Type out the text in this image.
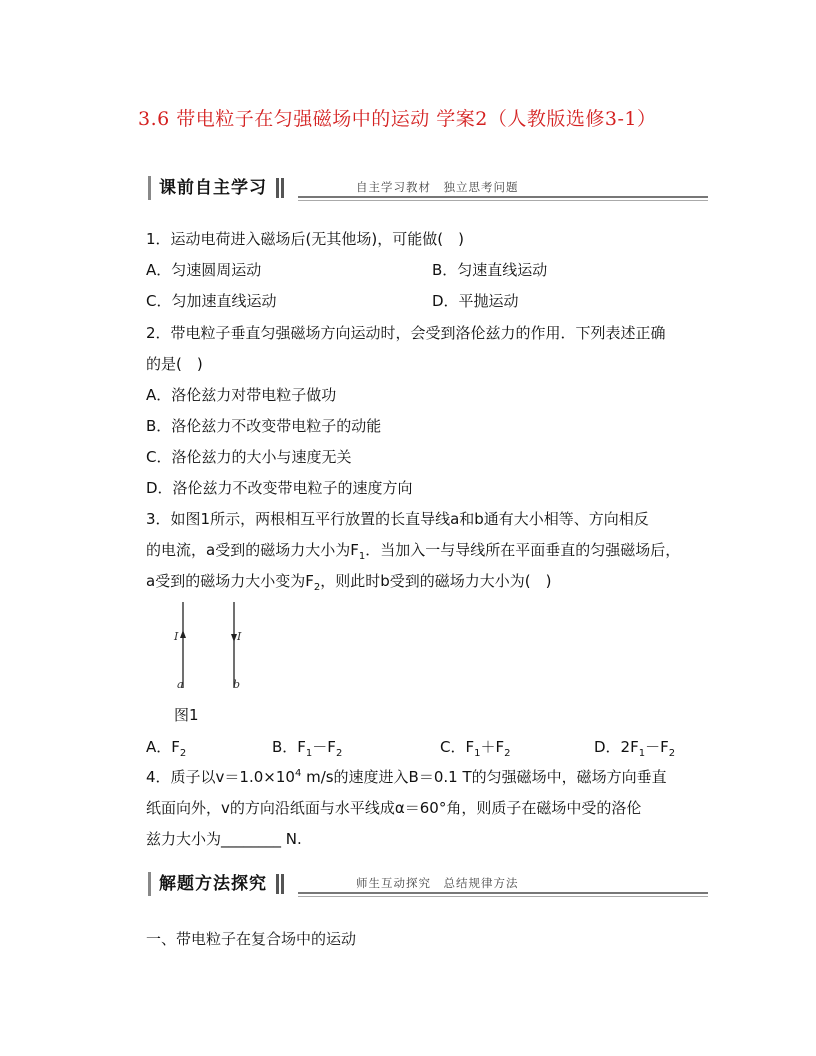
3.6 带电粒子在匀强磁场中的运动 学案2（人教版选修3-1）
课前自主学习	自主学习教材　独立思考问题
1．运动电荷进入磁场后(无其他场)，可能做(　)
A．匀速圆周运动	B．匀速直线运动
C．匀加速直线运动	D．平抛运动
2．带电粒子垂直匀强磁场方向运动时，会受到洛伦兹力的作用．下列表述正确
的是(　)
A．洛伦兹力对带电粒子做功
B．洛伦兹力不改变带电粒子的动能
C．洛伦兹力的大小与速度无关
D．洛伦兹力不改变带电粒子的速度方向
3．如图1所示，两根相互平行放置的长直导线a和b通有大小相等、方向相反
的电流，a受到的磁场力大小为$F_1$．当加入一与导线所在平面垂直的匀强磁场后，
a受到的磁场力大小变为$F_2$，则此时b受到的磁场力大小为(　)
I	I
a	b
图1
A．$F_2$	B．$F_1-F_2$	C．$F_1+F_2$	D．$2F_1-F_2$
4．质子以$v=1.0\times 10^4$ m/s的速度进入B＝0.1 T的匀强磁场中，磁场方向垂直
纸面向外，v的方向沿纸面与水平线成α＝60°角，则质子在磁场中受的洛伦
兹力大小为________ N.
解题方法探究	师生互动探究　总结规律方法
一、带电粒子在复合场中的运动
